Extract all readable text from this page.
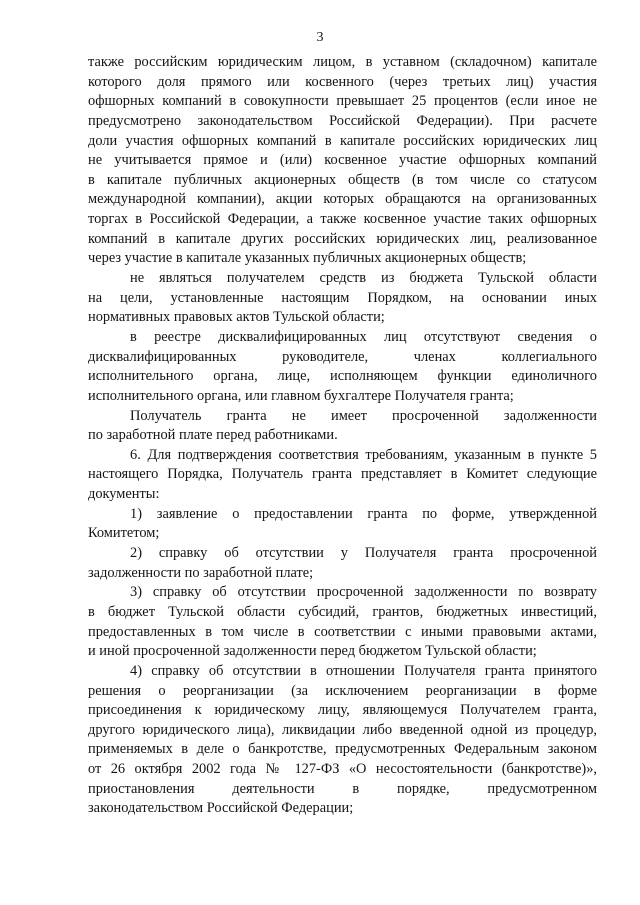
3
также российским юридическим лицом, в уставном (складочном) капитале
которого доля прямого или косвенного (через третьих лиц) участия
офшорных компаний в совокупности превышает 25 процентов (если иное не
предусмотрено законодательством Российской Федерации). При расчете
доли участия офшорных компаний в капитале российских юридических лиц
не учитывается прямое и (или) косвенное участие офшорных компаний
в капитале публичных акционерных обществ (в том числе со статусом
международной компании), акции которых обращаются на организованных
торгах в Российской Федерации, а также косвенное участие таких офшорных
компаний в капитале других российских юридических лиц, реализованное
через участие в капитале указанных публичных акционерных обществ;
не являться получателем средств из бюджета Тульской области
на цели, установленные настоящим Порядком, на основании иных
нормативных правовых актов Тульской области;
в реестре дисквалифицированных лиц отсутствуют сведения о
дисквалифицированных руководителе, членах коллегиального
исполнительного органа, лице, исполняющем функции единоличного
исполнительного органа, или главном бухгалтере Получателя гранта;
Получатель гранта не имеет просроченной задолженности
по заработной плате перед работниками.
6. Для подтверждения соответствия требованиям, указанным в пункте 5
настоящего Порядка, Получатель гранта представляет в Комитет следующие
документы:
1) заявление о предоставлении гранта по форме, утвержденной
Комитетом;
2) справку об отсутствии у Получателя гранта просроченной
задолженности по заработной плате;
3) справку об отсутствии просроченной задолженности по возврату
в бюджет Тульской области субсидий, грантов, бюджетных инвестиций,
предоставленных в том числе в соответствии с иными правовыми актами,
и иной просроченной задолженности перед бюджетом Тульской области;
4) справку об отсутствии в отношении Получателя гранта принятого
решения о реорганизации (за исключением реорганизации в форме
присоединения к юридическому лицу, являющемуся Получателем гранта,
другого юридического лица), ликвидации либо введенной одной из процедур,
применяемых в деле о банкротстве, предусмотренных Федеральным законом
от 26 октября 2002 года № 127-ФЗ «О несостоятельности (банкротстве)»,
приостановления деятельности в порядке, предусмотренном
законодательством Российской Федерации;
